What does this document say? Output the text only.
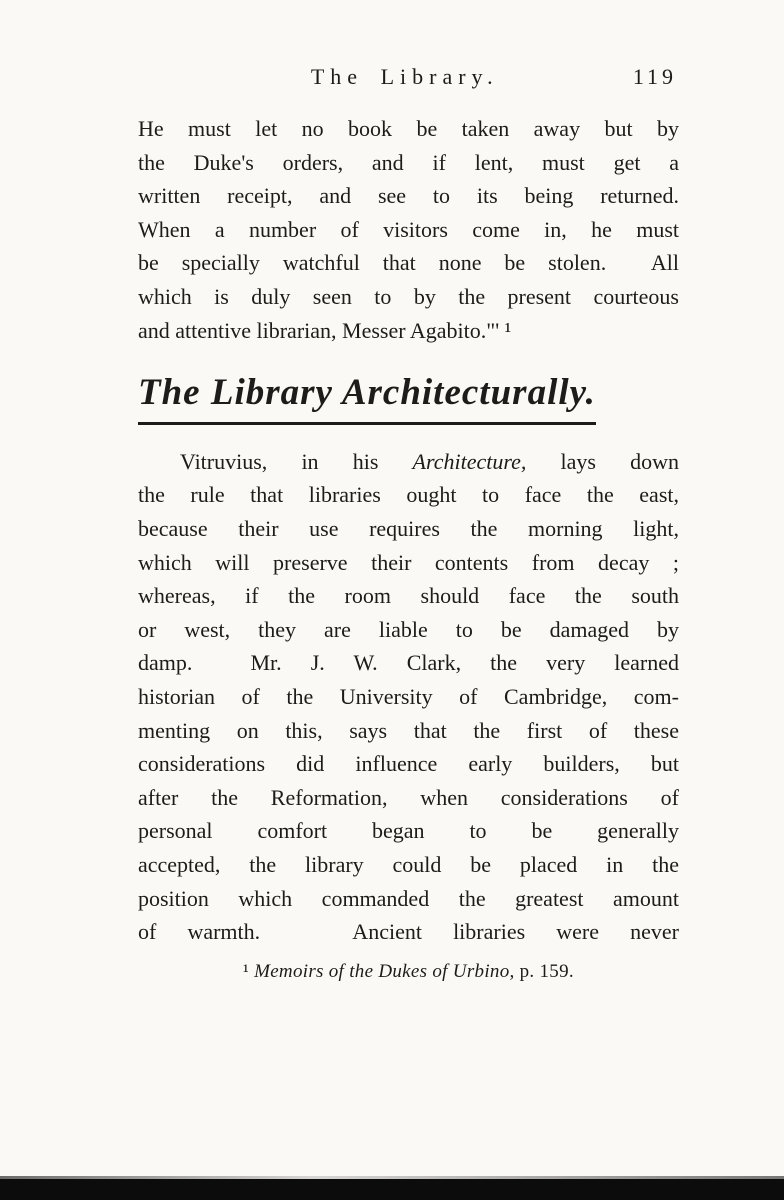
The Library.	119
He must let no book be taken away but by
the Duke's orders, and if lent, must get a
written receipt, and see to its being returned.
When a number of visitors come in, he must
be specially watchful that none be stolen.  All
which is duly seen to by the present courteous
and attentive librarian, Messer Agabito."' ¹
The Library Architecturally.
Vitruvius, in his Architecture, lays down
the rule that libraries ought to face the east,
because their use requires the morning light,
which will preserve their contents from decay ;
whereas, if the room should face the south
or west, they are liable to be damaged by
damp.  Mr. J. W. Clark, the very learned
historian of the University of Cambridge, com-
menting on this, says that the first of these
considerations did influence early builders, but
after the Reformation, when considerations of
personal comfort began to be generally
accepted, the library could be placed in the
position which commanded the greatest amount
of warmth.   Ancient libraries were never
¹ Memoirs of the Dukes of Urbino, p. 159.
